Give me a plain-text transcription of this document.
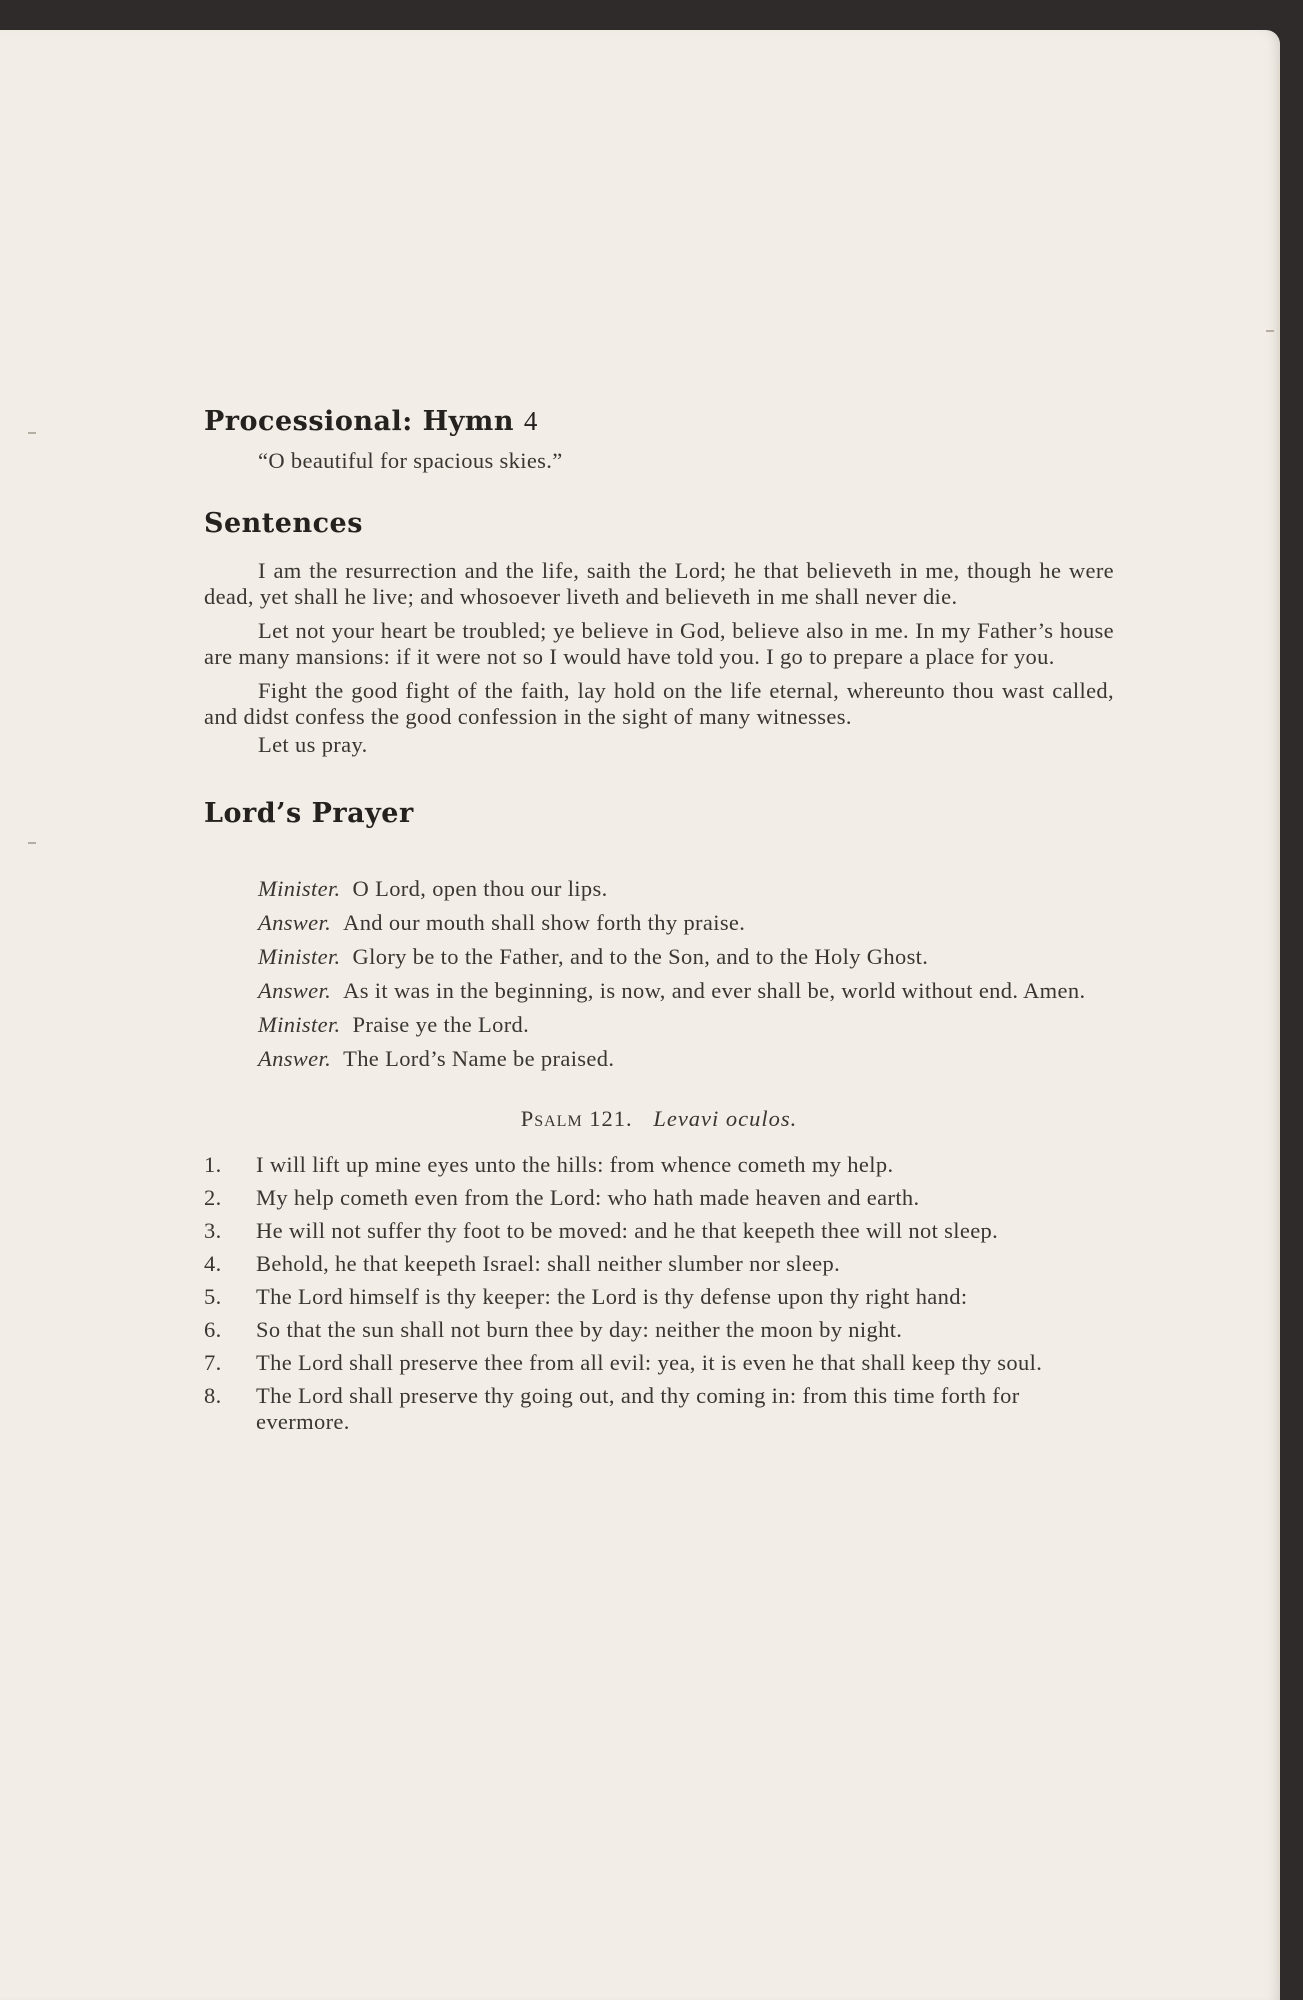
Processional: Hymn 4

“O beautiful for spacious skies.”

Sentences

I am the resurrection and the life, saith the Lord; he that believeth in me, though he were dead, yet shall he live; and whosoever liveth and believeth in me shall never die.

Let not your heart be troubled; ye believe in God, believe also in me. In my Father’s house are many mansions: if it were not so I would have told you. I go to prepare a place for you.

Fight the good fight of the faith, lay hold on the life eternal, whereunto thou wast called, and didst confess the good confession in the sight of many witnesses.

Let us pray.

Lord’s Prayer

Minister. O Lord, open thou our lips.

Answer. And our mouth shall show forth thy praise.

Minister. Glory be to the Father, and to the Son, and to the Holy Ghost.

Answer. As it was in the beginning, is now, and ever shall be, world without end. Amen.

Minister. Praise ye the Lord.

Answer. The Lord’s Name be praised.

Psalm 121. Levavi oculos.

1.	I will lift up mine eyes unto the hills: from whence cometh my help.

2.	My help cometh even from the Lord: who hath made heaven and earth.

3.	He will not suffer thy foot to be moved: and he that keepeth thee will not sleep.

4.	Behold, he that keepeth Israel: shall neither slumber nor sleep.

5.	The Lord himself is thy keeper: the Lord is thy defense upon thy right hand:

6.	So that the sun shall not burn thee by day: neither the moon by night.

7.	The Lord shall preserve thee from all evil: yea, it is even he that shall keep thy soul.

8.	The Lord shall preserve thy going out, and thy coming in: from this time forth for evermore.
